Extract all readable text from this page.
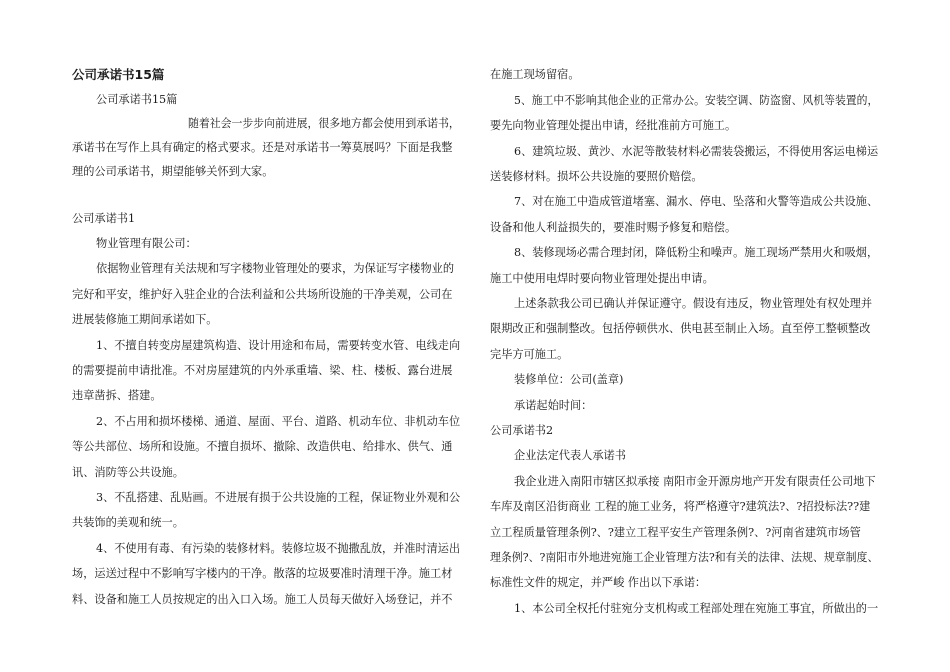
公司承诺书15篇
公司承诺书15篇
随着社会一步步向前进展，很多地方都会使用到承诺书，
承诺书在写作上具有确定的格式要求。还是对承诺书一筹莫展吗？下面是我整
理的公司承诺书，期望能够关怀到大家。
公司承诺书1
物业管理有限公司：
依据物业管理有关法规和写字楼物业管理处的要求，为保证写字楼物业的
完好和平安，维护好入驻企业的合法利益和公共场所设施的干净美观，公司在
进展装修施工期间承诺如下。
1、不擅自转变房屋建筑构造、设计用途和布局，需要转变水管、电线走向
的需要提前申请批准。不对房屋建筑的内外承重墙、梁、柱、楼板、露台进展
违章凿拆、搭建。
2、不占用和损坏楼梯、通道、屋面、平台、道路、机动车位、非机动车位
等公共部位、场所和设施。不擅自损坏、撤除、改造供电、给排水、供气、通
讯、消防等公共设施。
3、不乱搭建、乱贴画。不进展有损于公共设施的工程，保证物业外观和公
共装饰的美观和统一。
4、不使用有毒、有污染的装修材料。装修垃圾不抛撒乱放，并准时清运出
场，运送过程中不影响写字楼内的干净。散落的垃圾要准时清理干净。施工材
料、设备和施工人员按规定的出入口入场。施工人员每天做好入场登记，并不
在施工现场留宿。
5、施工中不影响其他企业的正常办公。安装空调、防盗窗、风机等装置的，
要先向物业管理处提出申请，经批准前方可施工。
6、建筑垃圾、黄沙、水泥等散装材料必需装袋搬运，不得使用客运电梯运
送装修材料。损坏公共设施的要照价赔偿。
7、对在施工中造成管道堵塞、漏水、停电、坠落和火警等造成公共设施、
设备和他人利益损失的，要准时赐予修复和赔偿。
8、装修现场必需合理封闭，降低粉尘和噪声。施工现场严禁用火和吸烟，
施工中使用电焊时要向物业管理处提出申请。
上述条款我公司已确认并保证遵守。假设有违反，物业管理处有权处理并
限期改正和强制整改。包括停顿供水、供电甚至制止入场。直至停工整顿整改
完毕方可施工。
装修单位：公司(盖章)
承诺起始时间：
公司承诺书2
企业法定代表人承诺书
我企业进入南阳市辖区拟承接 南阳市金开源房地产开发有限责任公司地下
车库及南区沿街商业 工程的施工业务，将严格遵守?建筑法?、?招投标法??建
立工程质量管理条例?、?建立工程平安生产管理条例?、?河南省建筑市场管
理条例?、?南阳市外地进宛施工企业管理方法?和有关的法律、法规、规章制度、
标准性文件的规定，并严峻 作出以下承诺：
1、本公司全权托付驻宛分支机构或工程部处理在宛施工事宜，所做出的一
